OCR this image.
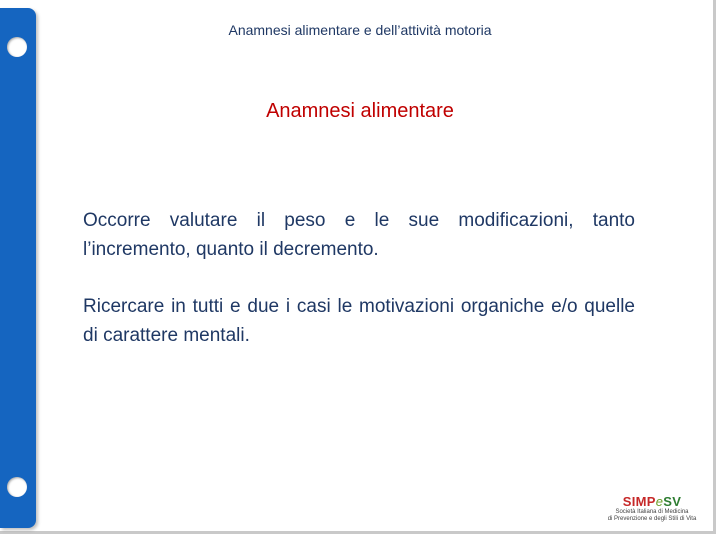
Anamnesi alimentare e dell’attività motoria
Anamnesi alimentare

Occorre valutare il peso e le sue modificazioni, tanto l’incremento, quanto il decremento.

Ricercare in tutti e due i casi le motivazioni organiche e/o quelle di carattere mentali.

SIMP e SV
Società Italiana di Medicina
di Prevenzione e degli Stili di Vita
